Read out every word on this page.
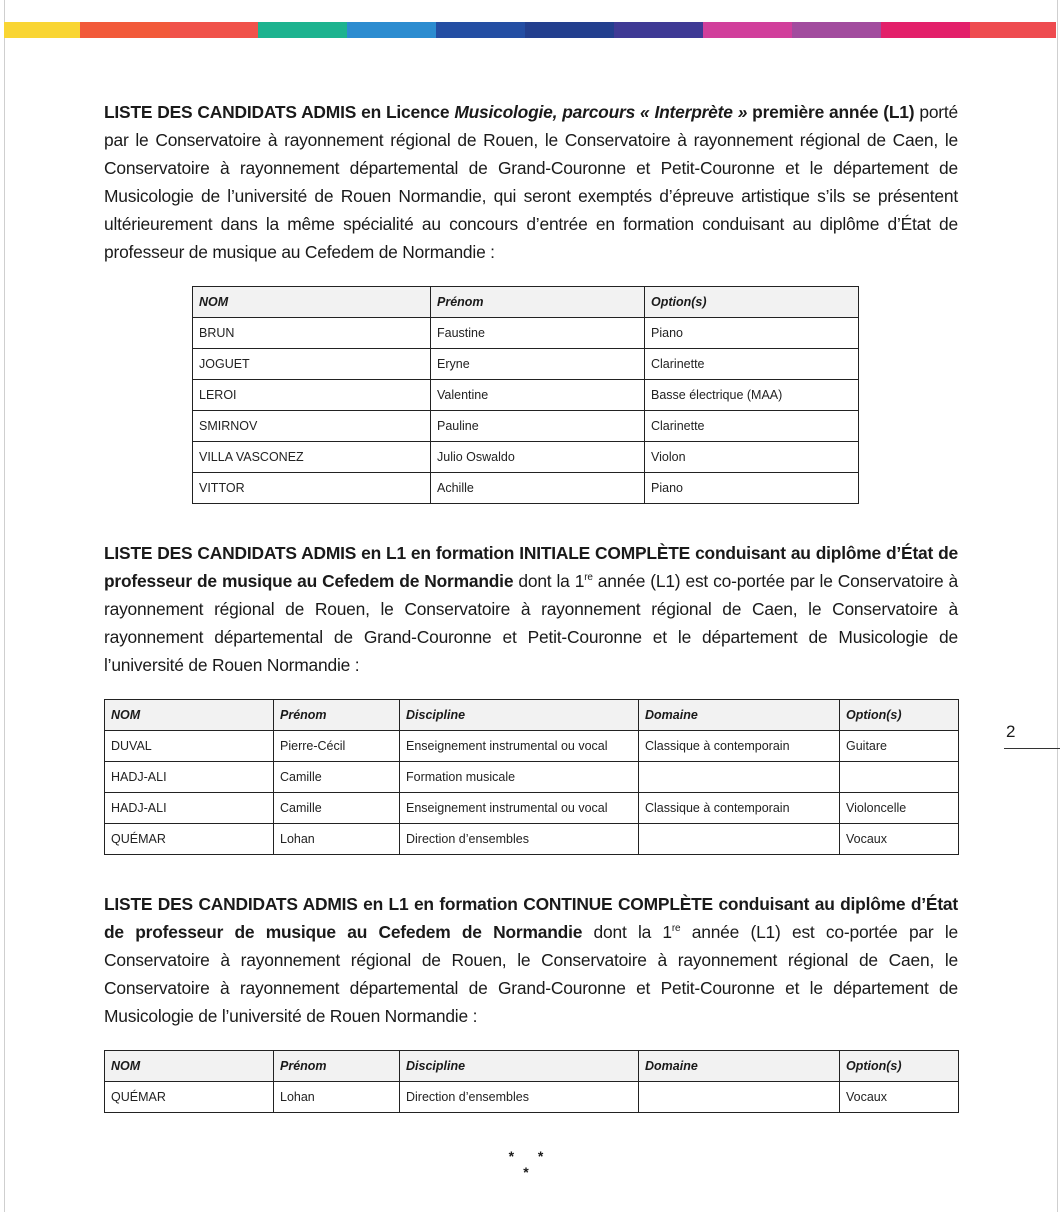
2

LISTE DES CANDIDATS ADMIS en Licence Musicologie, parcours « Interprète » première année (L1) porté par le Conservatoire à rayonnement régional de Rouen, le Conservatoire à rayonnement régional de Caen, le Conservatoire à rayonnement départemental de Grand-Couronne et Petit-Couronne et le département de Musicologie de l’université de Rouen Normandie, qui seront exemptés d’épreuve artistique s’ils se présentent ultérieurement dans la même spécialité au concours d’entrée en formation conduisant au diplôme d’État de professeur de musique au Cefedem de Normandie :

NOM	Prénom	Option(s)
BRUN	Faustine	Piano
JOGUET	Eryne	Clarinette
LEROI	Valentine	Basse électrique (MAA)
SMIRNOV	Pauline	Clarinette
VILLA VASCONEZ	Julio Oswaldo	Violon
VITTOR	Achille	Piano

LISTE DES CANDIDATS ADMIS en L1 en formation INITIALE COMPLÈTE conduisant au diplôme d’État de professeur de musique au Cefedem de Normandie dont la 1re année (L1) est co-portée par le Conservatoire à rayonnement régional de Rouen, le Conservatoire à rayonnement régional de Caen, le Conservatoire à rayonnement départemental de Grand-Couronne et Petit-Couronne et le département de Musicologie de l’université de Rouen Normandie :

NOM	Prénom	Discipline	Domaine	Option(s)
DUVAL	Pierre-Cécil	Enseignement instrumental ou vocal	Classique à contemporain	Guitare
HADJ-ALI	Camille	Formation musicale		
HADJ-ALI	Camille	Enseignement instrumental ou vocal	Classique à contemporain	Violoncelle
QUÉMAR	Lohan	Direction d’ensembles		Vocaux

LISTE DES CANDIDATS ADMIS en L1 en formation CONTINUE COMPLÈTE conduisant au diplôme d’État de professeur de musique au Cefedem de Normandie dont la 1re année (L1) est co-portée par le Conservatoire à rayonnement régional de Rouen, le Conservatoire à rayonnement régional de Caen, le Conservatoire à rayonnement départemental de Grand-Couronne et Petit-Couronne et le département de Musicologie de l’université de Rouen Normandie :

NOM	Prénom	Discipline	Domaine	Option(s)
QUÉMAR	Lohan	Direction d’ensembles		Vocaux
* * *
